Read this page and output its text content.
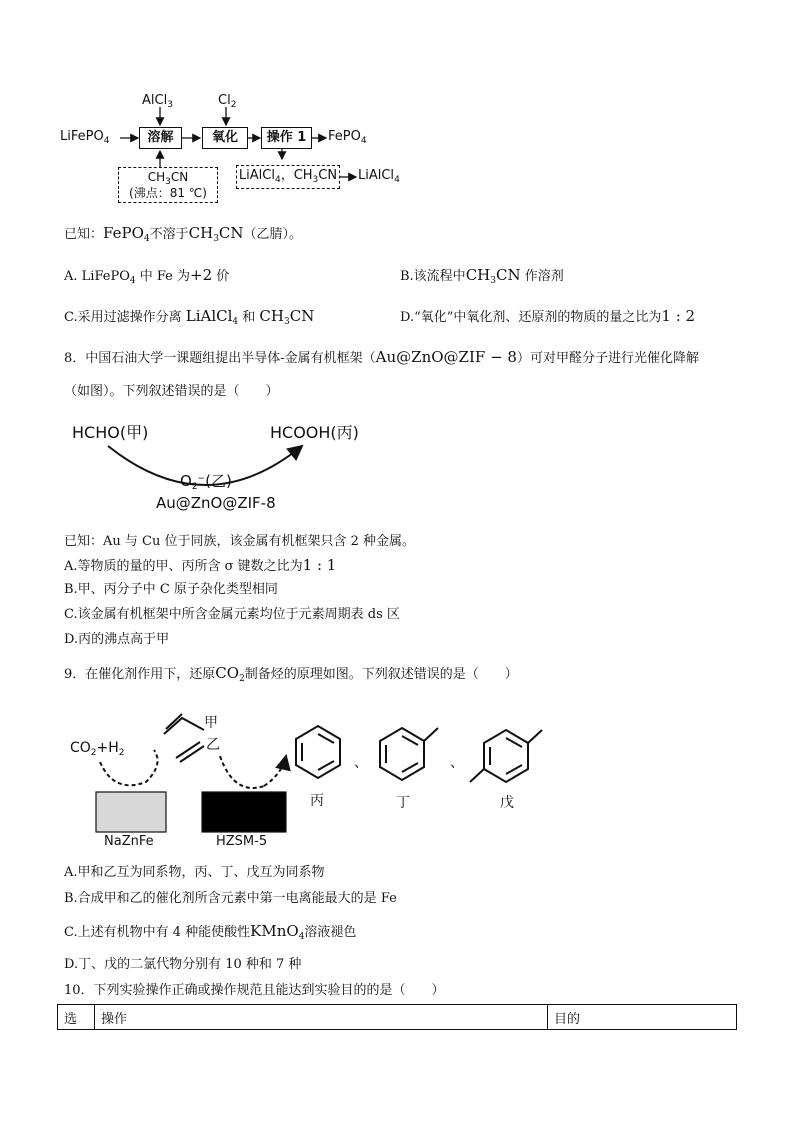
LiFePO$_4$
AlCl$_3$	$Cl_2$
溶解	氧化	操作 1	FePO$_4$
$CH_3CN$
(沸点：81 ℃)
LiAlCl$_4$，$CH_3CN$ LiAlCl$_4$
已知：FePO$_4$不溶于$CH_3CN$（乙腈）。
A. LiFePO$_4$ 中 Fe 为+2 价	B.该流程中$CH_3CN$ 作溶剂
C.采用过滤操作分离 LiAlCl$_4$ 和 $CH_3CN$	D.“氧化”中氧化剂、还原剂的物质的量之比为1 : 2
8．中国石油大学一课题组提出半导体-金属有机框架（Au@ZnO@ZIF − 8）可对甲醛分子进行光催化降解
（如图）。下列叙述错误的是（　　）
HCHO(甲)	HCOOH(丙)
$O_2^-$(乙)
Au@ZnO@ZIF-8
已知：Au 与 Cu 位于同族，该金属有机框架只含 2 种金属。
A.等物质的量的甲、丙所含 σ 键数之比为1 : 1
B.甲、丙分子中 C 原子杂化类型相同
C.该金属有机框架中所含金属元素均位于元素周期表 ds 区
D.丙的沸点高于甲
9．在催化剂作用下，还原$CO_2$制备烃的原理如图。下列叙述错误的是（　　）
$CO_2+H_2$
甲
乙
NaZnFe	HZSM-5
、	、
丙	丁	戊
A.甲和乙互为同系物，丙、丁、戊互为同系物
B.合成甲和乙的催化剂所含元素中第一电离能最大的是 Fe
C.上述有机物中有 4 种能使酸性KMnO$_4$溶液褪色
D.丁、戊的二氯代物分别有 10 种和 7 种
10．下列实验操作正确或操作规范且能达到实验目的的是（　　）
选	操作	目的
